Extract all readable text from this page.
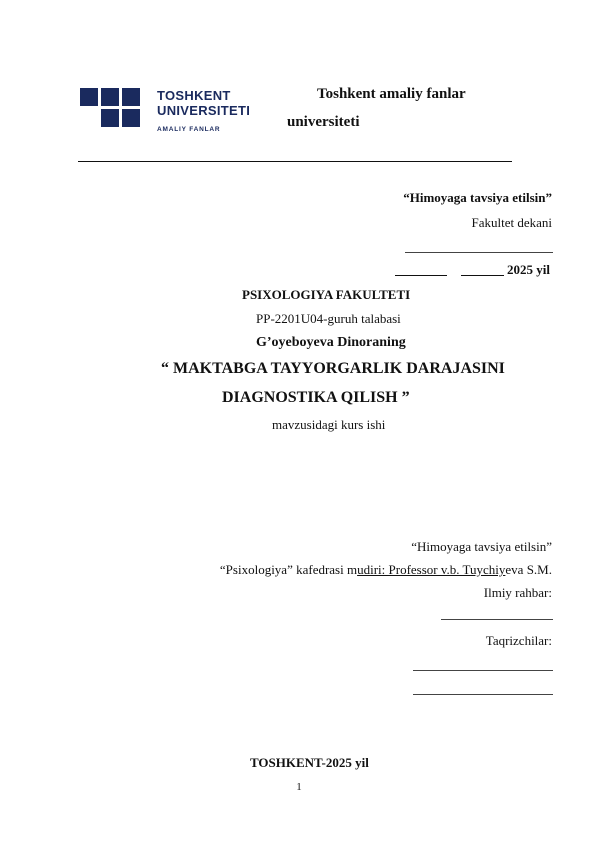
TOSHKENT
UNIVERSITETI
AMALIY FANLAR
Toshkent amaliy fanlar
universiteti
“Himoyaga tavsiya etilsin”
Fakultet dekani
2025 yil
PSIXOLOGIYA FAKULTETI
PP-2201U04-guruh talabasi
G’oyeboyeva Dinoraning
“ MAKTABGA TAYYORGARLIK DARAJASINI
DIAGNOSTIKA QILISH ”
mavzusidagi kurs ishi
“Himoyaga tavsiya etilsin”
“Psixologiya” kafedrasi mudiri: Professor v.b. Tuychiyeva S.M.
Ilmiy rahbar:
Taqrizchilar:
TOSHKENT-2025 yil
1
